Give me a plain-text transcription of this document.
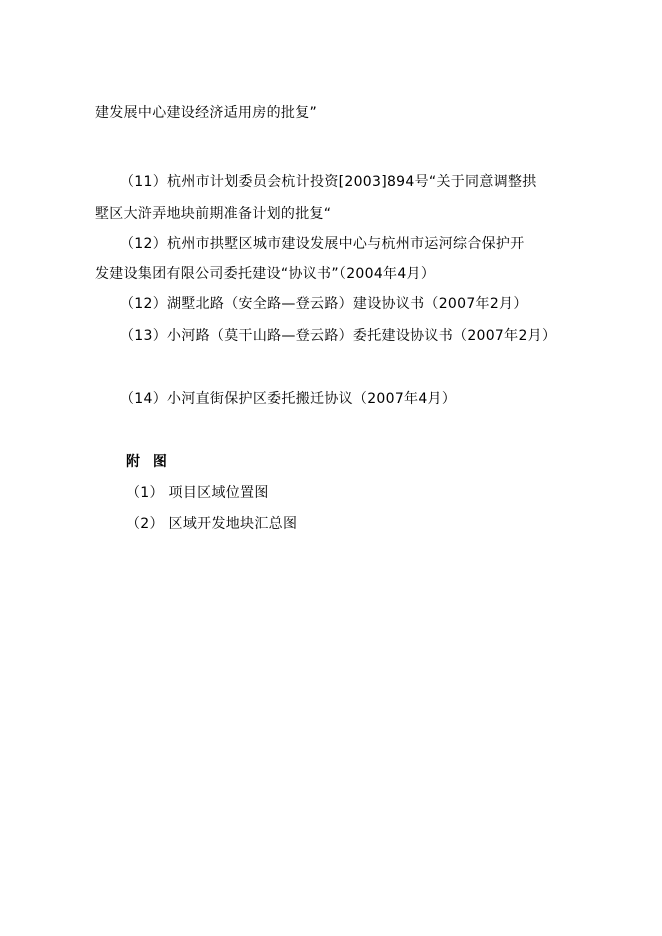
建发展中心建设经济适用房的批复”
（11）杭州市计划委员会杭计投资[2003]894号“关于同意调整拱
墅区大浒弄地块前期准备计划的批复“
（12）杭州市拱墅区城市建设发展中心与杭州市运河综合保护开
发建设集团有限公司委托建设“协议书”（2004年4月）
（12）湖墅北路（安全路—登云路）建设协议书（2007年2月）
（13）小河路（莫干山路—登云路）委托建设协议书（2007年2月）
（14）小河直街保护区委托搬迁协议（2007年4月）
附 图
（1） 项目区域位置图
（2） 区域开发地块汇总图
